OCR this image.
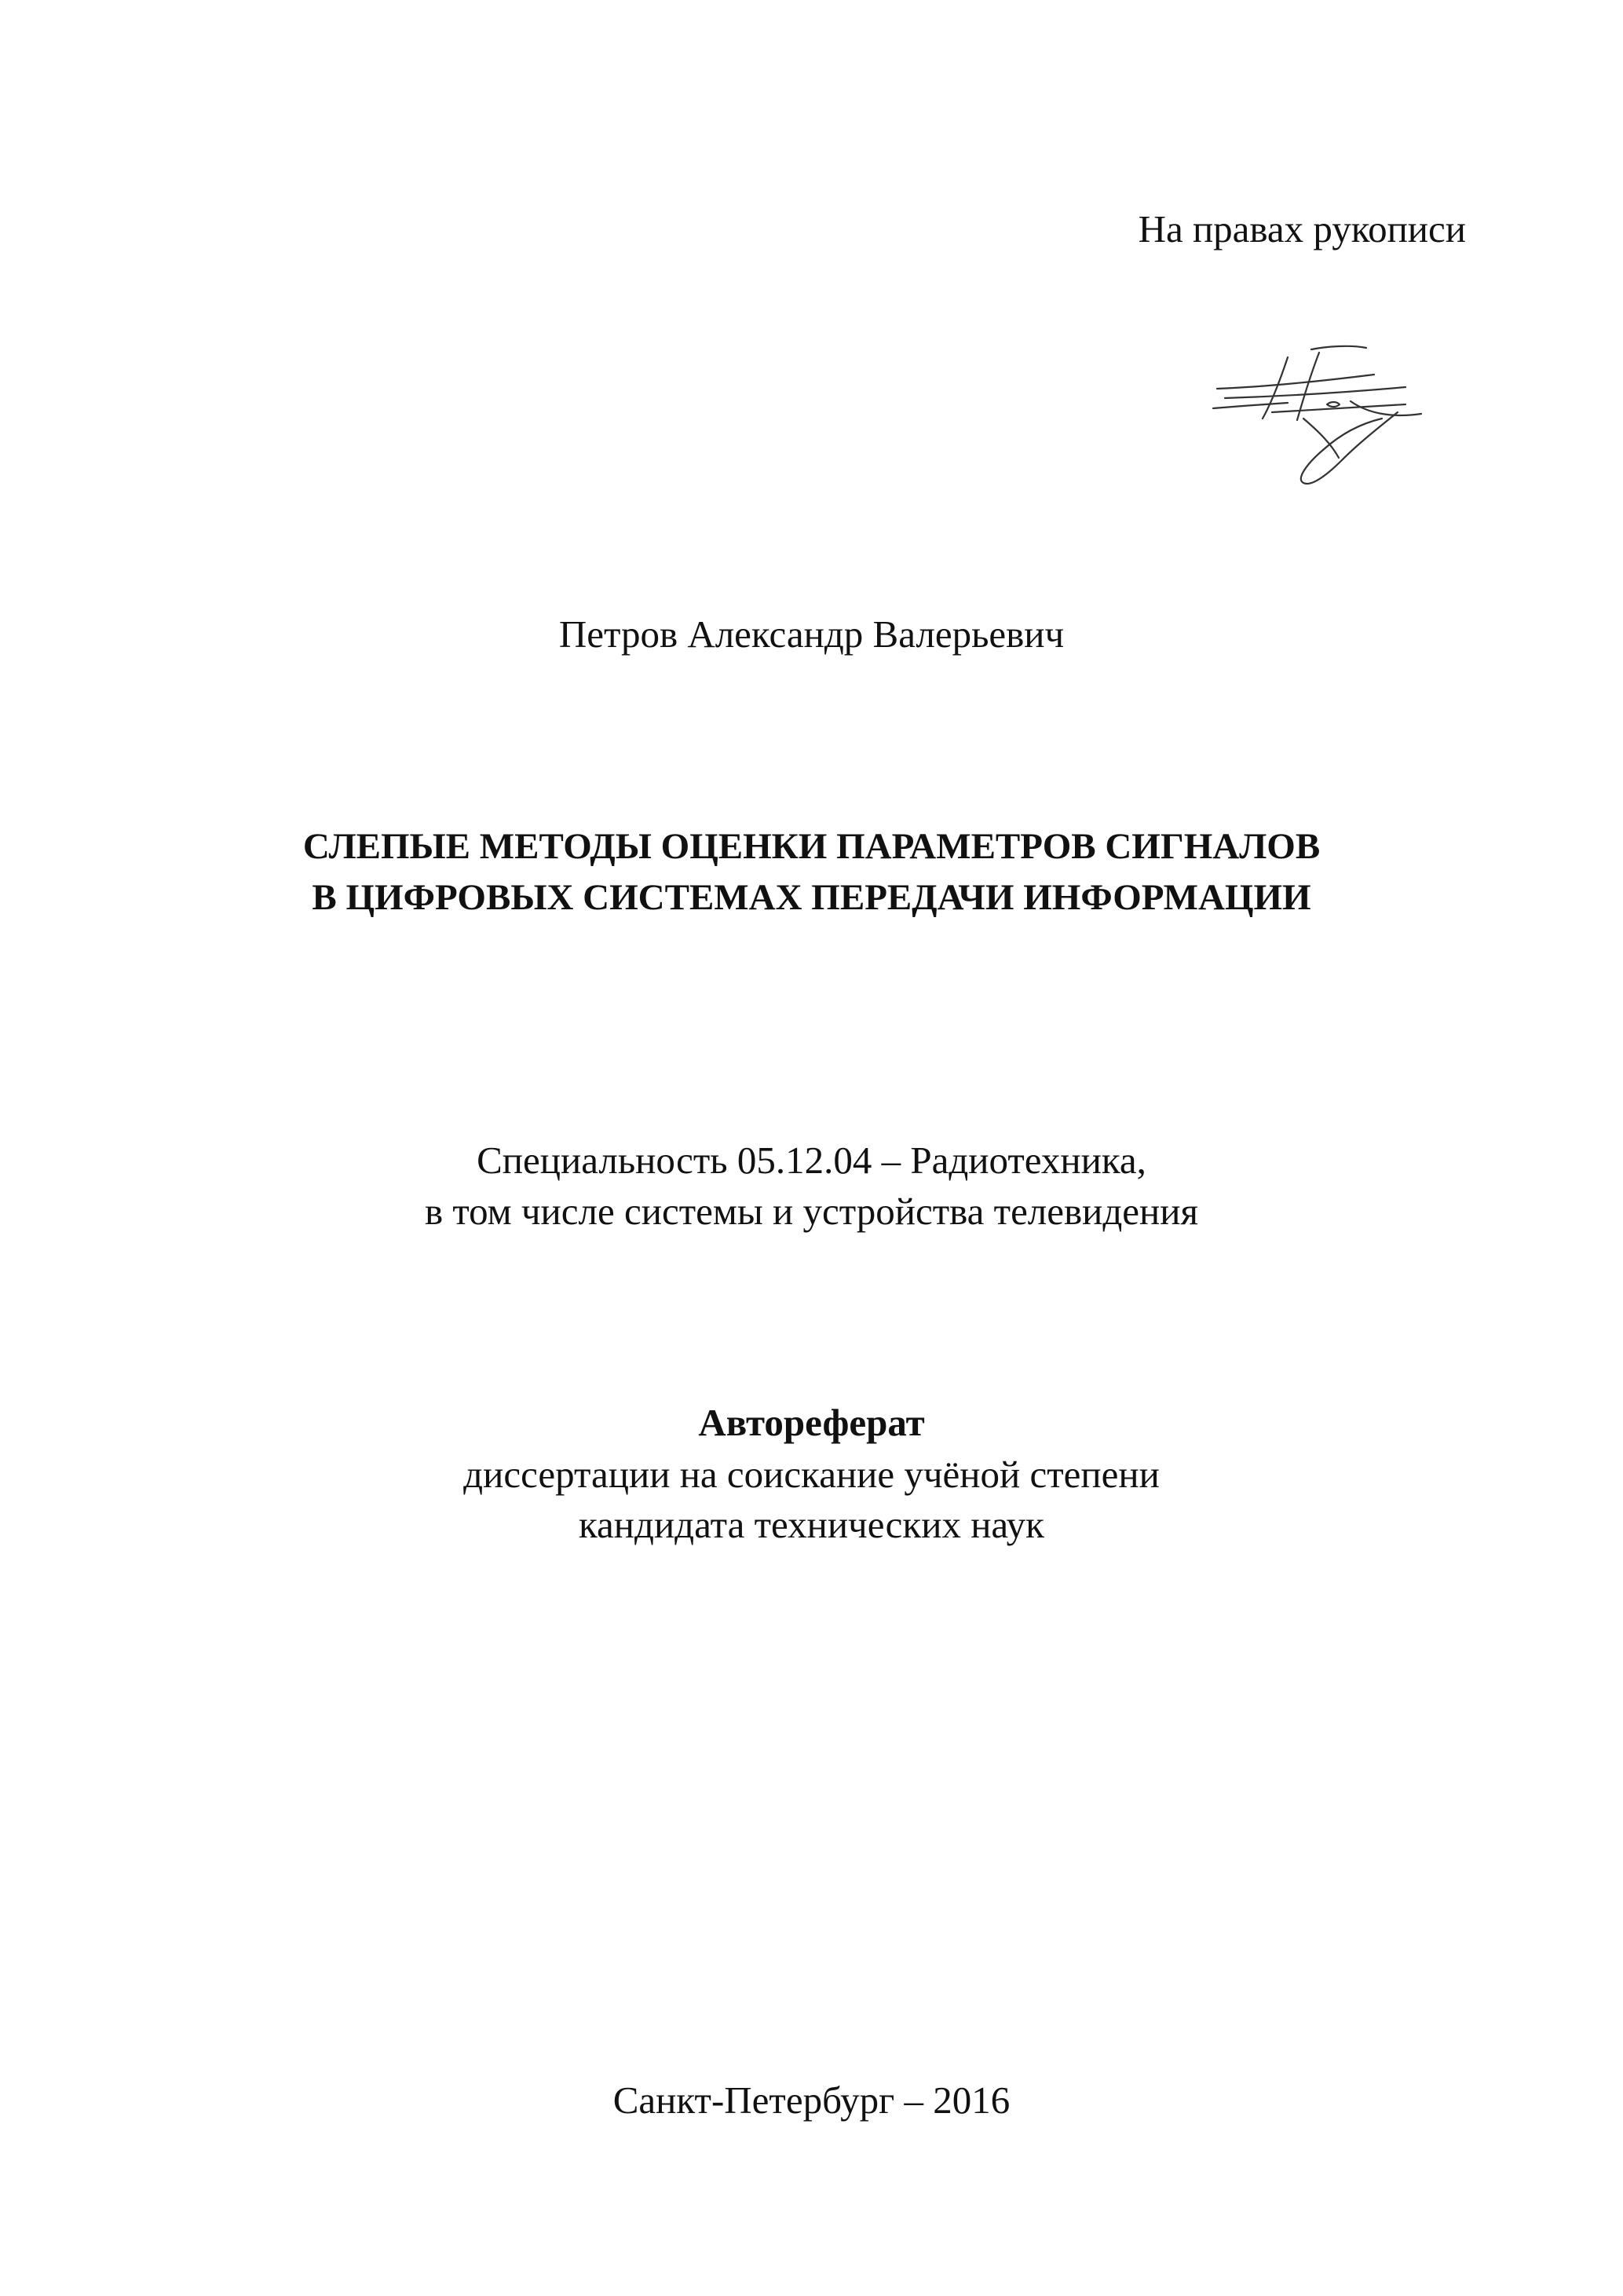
На правах рукописи
Петров Александр Валерьевич
СЛЕПЫЕ МЕТОДЫ ОЦЕНКИ ПАРАМЕТРОВ СИГНАЛОВ
В ЦИФРОВЫХ СИСТЕМАХ ПЕРЕДАЧИ ИНФОРМАЦИИ
Специальность 05.12.04 – Радиотехника,
в том числе системы и устройства телевидения
Автореферат
диссертации на соискание учёной степени
кандидата технических наук
Санкт-Петербург – 2016
